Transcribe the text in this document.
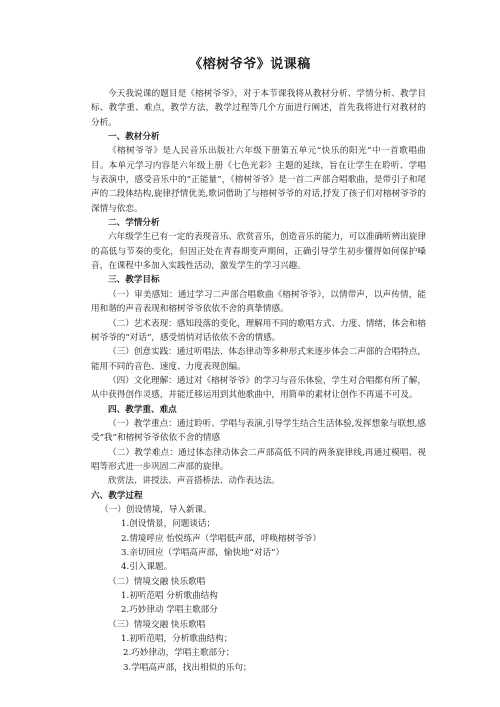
《榕树爷爷》说课稿

今天我说课的题目是《榕树爷爷》，对于本节课我将从教材分析、学情分析、教学目标、教学重、难点，教学方法，教学过程等几个方面进行阐述，首先我将进行对教材的分析。

一、教材分析

《榕树爷爷》是人民音乐出版社六年级下册第五单元“快乐的阳光”中一首歌唱曲目。本单元学习内容是六年级上册《七色光彩》主题的延续，旨在让学生在聆听、学唱与表演中，感受音乐中的“正能量”，《榕树爷爷》是一首二声部合唱歌曲，是带引子和尾声的二段体结构,旋律抒情优美,歌词借助了与榕树爷爷的对话,抒发了孩子们对榕树爷爷的深情与依恋。

二、学情分析

六年级学生已有一定的表现音乐、欣赏音乐，创造音乐的能力，可以准确听辨出旋律的高低与节奏的变化，但因正处在青春期变声期间，正确引导学生初步懂得如何保护嗓音，在课程中多加入实践性活动，激发学生的学习兴趣。

三、教学目标

（一）审美感知：通过学习二声部合唱歌曲《榕树爷爷》，以情带声，以声传情，能用和谐的声音表现和榕树爷爷依依不舍的真挚情感。

（二）艺术表现：感知段落的变化，理解用不同的歌唱方式、力度、情绪，体会和榕树爷爷的“对话”，感受悄悄对话依依不舍的情感。

（三）创意实践：通过听唱法、体态律动等多种形式来逐步体会二声部的合唱特点，能用不同的音色、速度、力度表现创编。

（四）文化理解：通过对《榕树爷爷》的学习与音乐体验，学生对合唱都有所了解，从中获得创作灵感，并能迁移运用到其他歌曲中，用简单的素材让创作不再遥不可及。

四、教学重、难点

（一）教学重点：通过聆听、学唱与表演,引导学生结合生活体验,发挥想象与联想,感受“我”和榕树爷爷依依不舍的情感

（二）教学难点：通过体态律动体会二声部高低不同的两条旋律线,再通过模唱、视唱等形式进一步巩固二声部的旋律。

欣赏法、讲授法、声音搭桥法、动作表达法。

六、教学过程

（一）创设情境，导入新课。

1.创设情景，问题谈话；

2.情境呼应 怡悦练声（学唱低声部，呼唤榕树爷爷）

3.亲切回应（学唱高声部，愉快地“对话”）

4.引入课题。

（二）情境交融 快乐歌唱

1.初听范唱 分析歌曲结构

2.巧妙律动 学唱主歌部分

（三）情境交融 快乐歌唱

1.初听范唱，分析歌曲结构；

2.巧妙律动，学唱主歌部分；

3.学唱高声部，找出相似的乐句；
